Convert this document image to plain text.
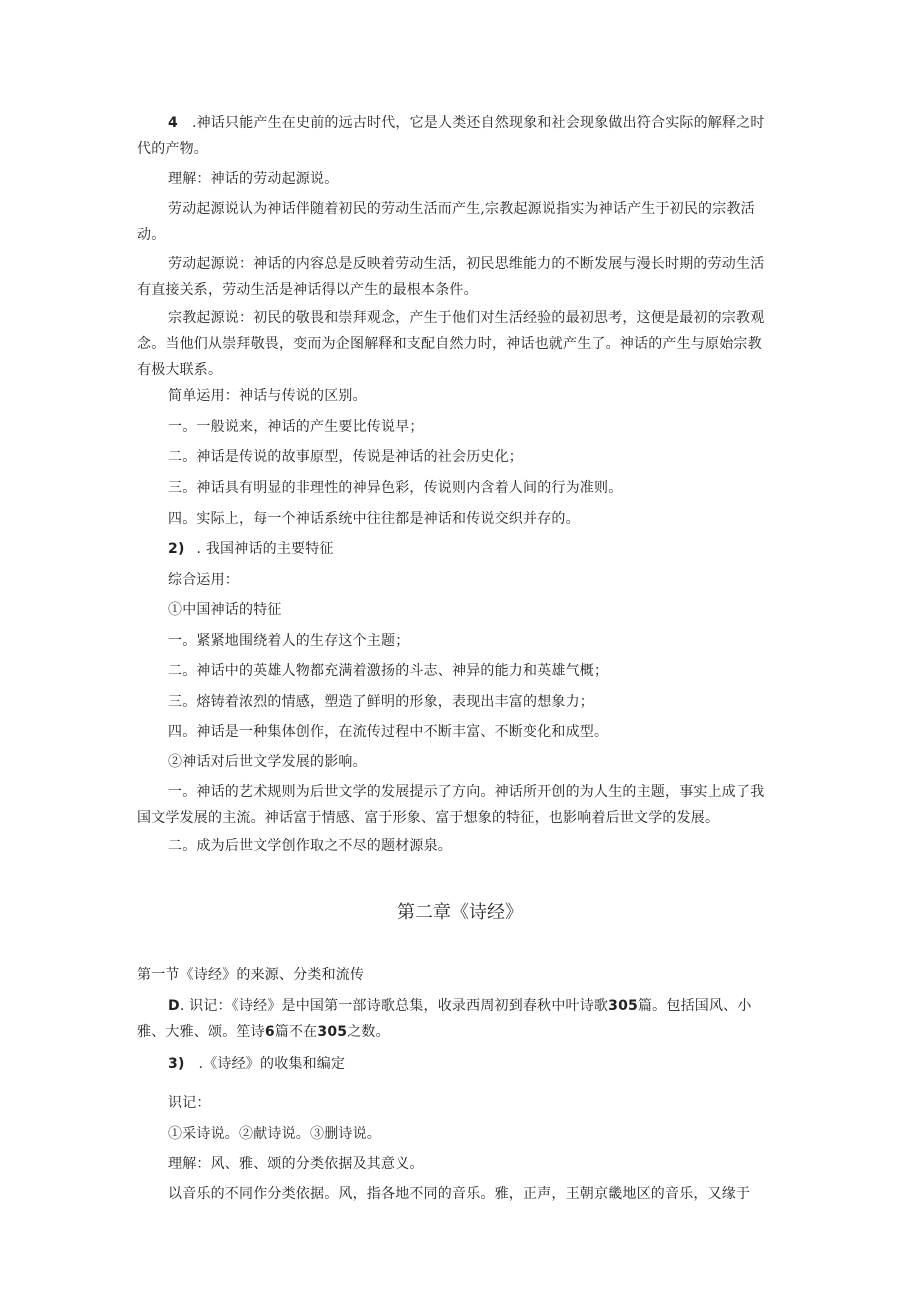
4 .神话只能产生在史前的远古时代，它是人类还自然现象和社会现象做出符合实际的解释之时
代的产物。
理解：神话的劳动起源说。
劳动起源说认为神话伴随着初民的劳动生活而产生,宗教起源说指实为神话产生于初民的宗教活
动。
劳动起源说：神话的内容总是反映着劳动生活，初民思维能力的不断发展与漫长时期的劳动生活
有直接关系，劳动生活是神话得以产生的最根本条件。
宗教起源说：初民的敬畏和崇拜观念，产生于他们对生活经验的最初思考，这便是最初的宗教观
念。当他们从崇拜敬畏，变而为企图解释和支配自然力时，神话也就产生了。神话的产生与原始宗教
有极大联系。
简单运用：神话与传说的区别。
一。一般说来，神话的产生要比传说早；
二。神话是传说的故事原型，传说是神话的社会历史化；
三。神话具有明显的非理性的神异色彩，传说则内含着人间的行为准则。
四。实际上，每一个神话系统中往往都是神话和传说交织并存的。
2) . 我国神话的主要特征
综合运用：
①中国神话的特征
一。紧紧地围绕着人的生存这个主题；
二。神话中的英雄人物都充满着激扬的斗志、神异的能力和英雄气概；
三。熔铸着浓烈的情感，塑造了鲜明的形象，表现出丰富的想象力；
四。神话是一种集体创作，在流传过程中不断丰富、不断变化和成型。
②神话对后世文学发展的影响。
一。神话的艺术规则为后世文学的发展提示了方向。神话所开创的为人生的主题，事实上成了我
国文学发展的主流。神话富于情感、富于形象、富于想象的特征，也影响着后世文学的发展。
二。成为后世文学创作取之不尽的题材源泉。
第二章《诗经》
第一节《诗经》的来源、分类和流传
D. 识记：《诗经》是中国第一部诗歌总集，收录西周初到春秋中叶诗歌305篇。包括国风、小
雅、大雅、颂。笙诗6篇不在305之数。
3) .《诗经》的收集和编定
识记：
①采诗说。②献诗说。③删诗说。
理解：风、雅、颂的分类依据及其意义。
以音乐的不同作分类依据。风，指各地不同的音乐。雅，正声，王朝京畿地区的音乐，又缘于
